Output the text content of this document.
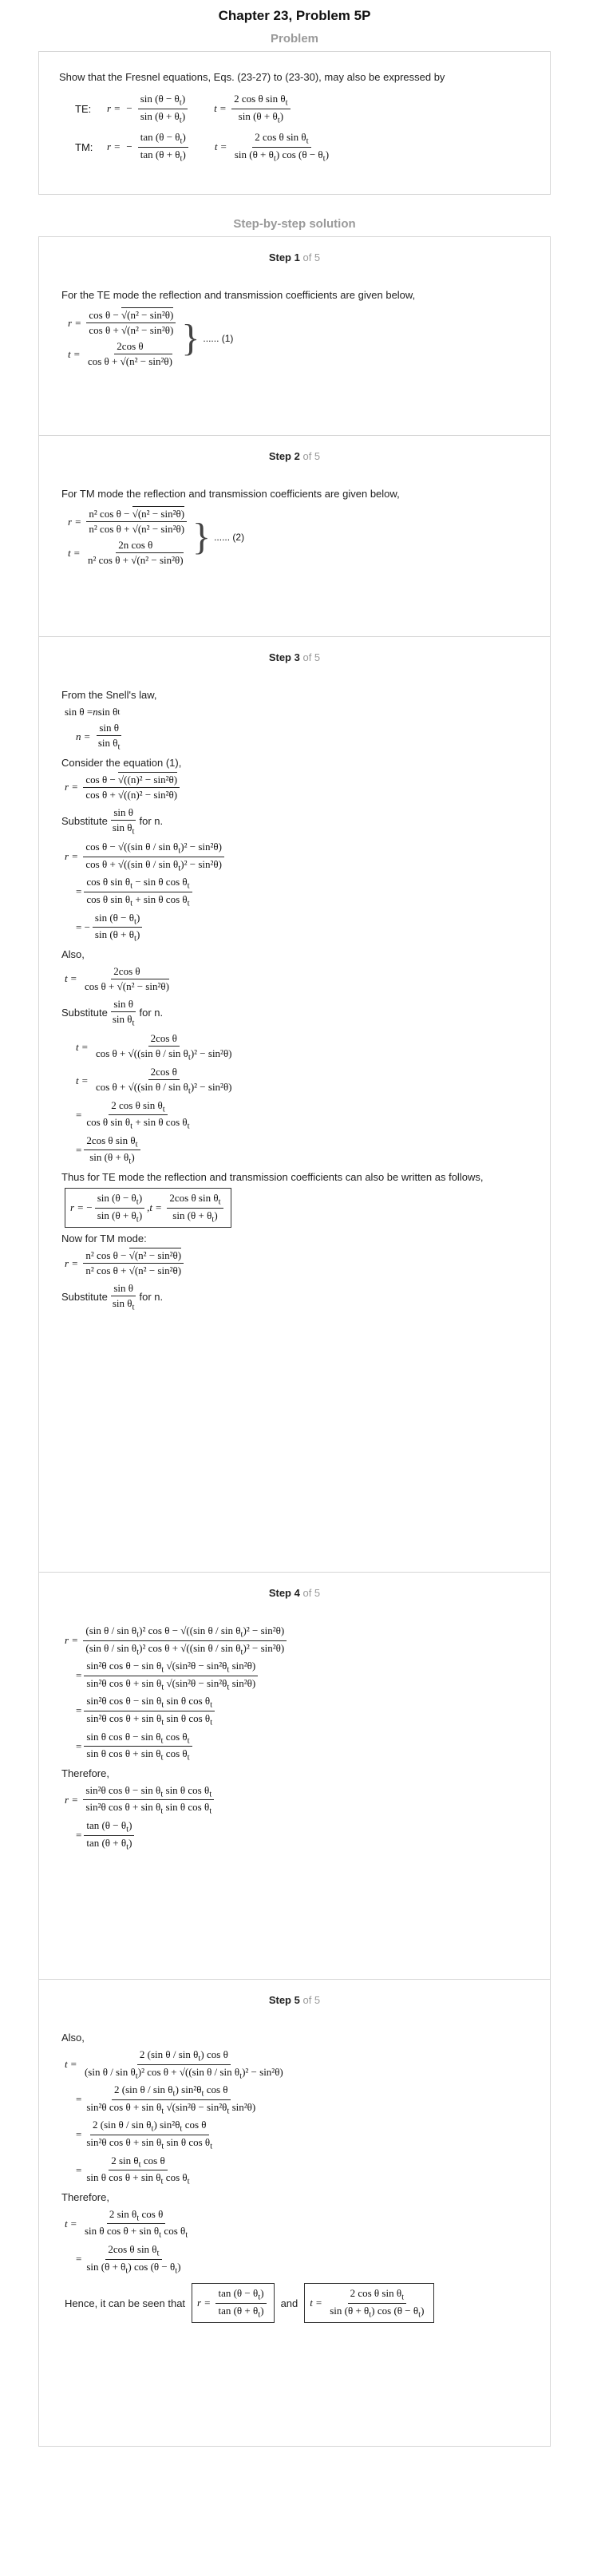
Chapter 23, Problem 5P
Problem
Show that the Fresnel equations, Eqs. (23-27) to (23-30), may also be expressed by
TE:	r = − $\frac{\sin (\theta - \theta_t)}{\sin (\theta + \theta_t)}$	$t = \frac{2 \cos \theta \sin \theta_t}{\sin (\theta + \theta_t)}$
TM:	r = − $\frac{\tan (\theta - \theta_t)}{\tan (\theta + \theta_t)}$	$t = \frac{2 \cos \theta \sin \theta_t}{\sin (\theta + \theta_t) \cos (\theta - \theta_t)}$
Step-by-step solution
Step 1 of 5
For the TE mode the reflection and transmission coefficients are given below,
$r = \frac{\text{cos θ − √(n² − sin²θ)}}{\text{cos θ + √(n² − sin²θ)}}$
$t = \frac{\text{2cos θ}}{\text{cos θ + √(n² − sin²θ)}}$ } ...... (1)
Step 2 of 5
For TM mode the reflection and transmission coefficients are given below,
$r = \frac{\text{n² cos θ − √(n² − sin²θ)}}{\text{n² cos θ + √(n² − sin²θ)}}$
$t = \frac{\text{2n cos θ}}{\text{n² cos θ + √(n² − sin²θ)}}$ } ...... (2)
Step 3 of 5
From the Snell's law,
sin θ = n sin θ t
$n = \frac{\text{sin θ}}{\sin \theta_t}$
Consider the equation (1),
$r = \frac{\text{cos θ − √((n)² − sin²θ)}}{\text{cos θ + √((n)² − sin²θ)}}$
Substitute $\frac{\text{sin θ}}{\sin \theta_t}$ for n.
$r = \frac{\cos \theta - √((\sin \theta / \sin \theta_t)^2 - \sin^2\theta)}{\cos \theta + √((\sin \theta / \sin \theta_t)^2 - \sin^2\theta)}$
= $\frac{\cos \theta \sin \theta_t - \sin \theta \cos \theta_t}{\cos \theta \sin \theta_t + \sin \theta \cos \theta_t}$
= − $\frac{\sin (\theta - \theta_t)}{\sin (\theta + \theta_t)}$
Also,
$t = \frac{\text{2cos θ}}{\text{cos θ + √(n² − sin²θ)}}$
Substitute $\frac{\text{sin θ}}{\sin \theta_t}$ for n.
$t = \frac{\text{2cos θ}}{\cos \theta + √((\sin \theta / \sin \theta_t)^2 - \sin^2\theta)}$
$t = \frac{\text{2cos θ}}{\cos \theta + √((\sin \theta / \sin \theta_t)^2 - \sin^2\theta)}$
= $\frac{2 \cos \theta \sin \theta_t}{\cos \theta \sin \theta_t + \sin \theta \cos \theta_t}$
= $\frac{2\cos \theta \sin \theta_t}{\sin (\theta + \theta_t)}$
Thus for TE mode the reflection and transmission coefficients can also be written as follows,
r = − $\frac{\sin (\theta - \theta_t)}{\sin (\theta + \theta_t)}$ , $t = \frac{2\cos \theta \sin \theta_t}{\sin (\theta + \theta_t)}$
Now for TM mode:
$r = \frac{\text{n² cos θ − √(n² − sin²θ)}}{\text{n² cos θ + √(n² − sin²θ)}}$
Substitute $\frac{\text{sin θ}}{\sin \theta_t}$ for n.
Step 4 of 5
$r = \frac{(\sin \theta / \sin \theta_t)^2 \cos \theta - √((\sin \theta / \sin \theta_t)^2 - \sin^2\theta)}{(\sin \theta / \sin \theta_t)^2 \cos \theta + √((\sin \theta / \sin \theta_t)^2 - \sin^2\theta)}$
= $\frac{\sin^2\theta \cos \theta - \sin \theta_t √(\sin^2\theta - \sin^2\theta_t \sin^2\theta)}{\sin^2\theta \cos \theta + \sin \theta_t √(\sin^2\theta - \sin^2\theta_t \sin^2\theta)}$
= $\frac{\sin^2\theta \cos \theta - \sin \theta_t \sin \theta \cos \theta_t}{\sin^2\theta \cos \theta + \sin \theta_t \sin \theta \cos \theta_t}$
= $\frac{\sin \theta \cos \theta - \sin \theta_t \cos \theta_t}{\sin \theta \cos \theta + \sin \theta_t \cos \theta_t}$
Therefore,
$r = \frac{\sin^2\theta \cos \theta - \sin \theta_t \sin \theta \cos \theta_t}{\sin^2\theta \cos \theta + \sin \theta_t \sin \theta \cos \theta_t}$
= $\frac{\tan (\theta - \theta_t)}{\tan (\theta + \theta_t)}$
Step 5 of 5
Also,
$t = \frac{2 (\sin \theta / \sin \theta_t) \cos \theta}{(\sin \theta / \sin \theta_t)^2 \cos \theta + √((\sin \theta / \sin \theta_t)^2 - \sin^2\theta)}$
= $\frac{2 (\sin \theta / \sin \theta_t) \sin^2\theta_t \cos \theta}{\sin^2\theta \cos \theta + \sin \theta_t √(\sin^2\theta - \sin^2\theta_t \sin^2\theta)}$
= $\frac{2 (\sin \theta / \sin \theta_t) \sin^2\theta_t \cos \theta}{\sin^2\theta \cos \theta + \sin \theta_t \sin \theta \cos \theta_t}$
= $\frac{2 \sin \theta_t \cos \theta}{\sin \theta \cos \theta + \sin \theta_t \cos \theta_t}$
Therefore,
$t = \frac{2 \sin \theta_t \cos \theta}{\sin \theta \cos \theta + \sin \theta_t \cos \theta_t}$
= $\frac{2\cos \theta \sin \theta_t}{\sin (\theta + \theta_t) \cos (\theta - \theta_t)}$
Hence, it can be seen that $r = \frac{\tan (\theta - \theta_t)}{\tan (\theta + \theta_t)}$ and $t = \frac{2 \cos \theta \sin \theta_t}{\sin (\theta + \theta_t) \cos (\theta - \theta_t)}$
